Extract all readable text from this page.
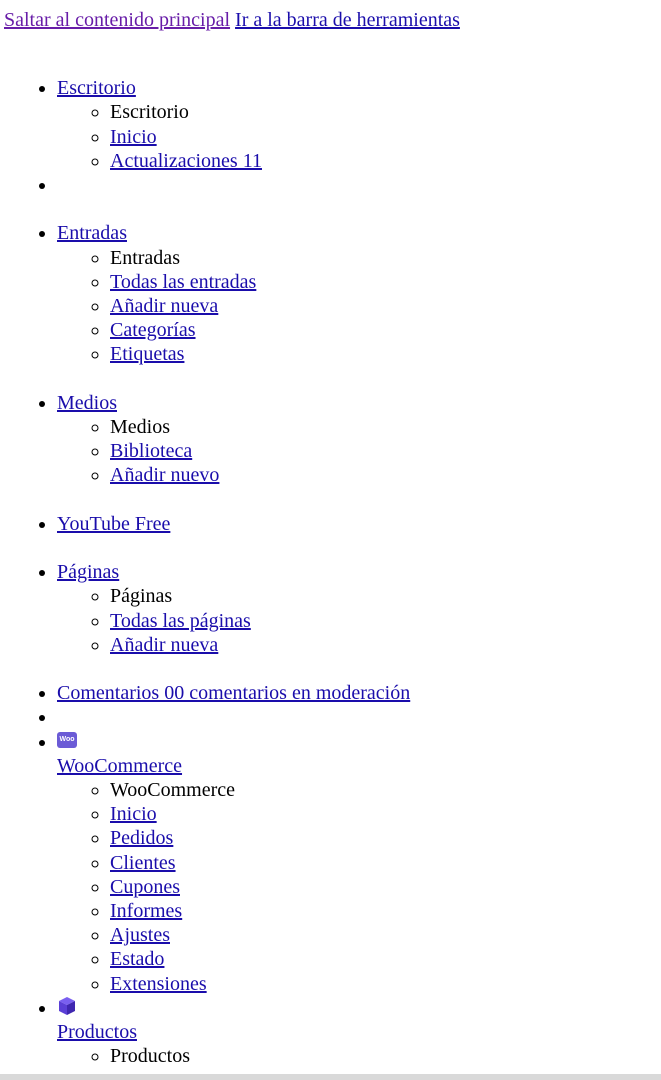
Saltar al contenido principal Ir a la barra de herramientas
• Escritorio
◦ Escritorio
◦ Inicio
◦ Actualizaciones 11
•
• Entradas
◦ Entradas
◦ Todas las entradas
◦ Añadir nueva
◦ Categorías
◦ Etiquetas
• Medios
◦ Medios
◦ Biblioteca
◦ Añadir nuevo
• YouTube Free
• Páginas
◦ Páginas
◦ Todas las páginas
◦ Añadir nueva
• Comentarios 00 comentarios en moderación
•
• Woo
WooCommerce
◦ WooCommerce
◦ Inicio
◦ Pedidos
◦ Clientes
◦ Cupones
◦ Informes
◦ Ajustes
◦ Estado
◦ Extensiones
• Productos
◦ Productos
